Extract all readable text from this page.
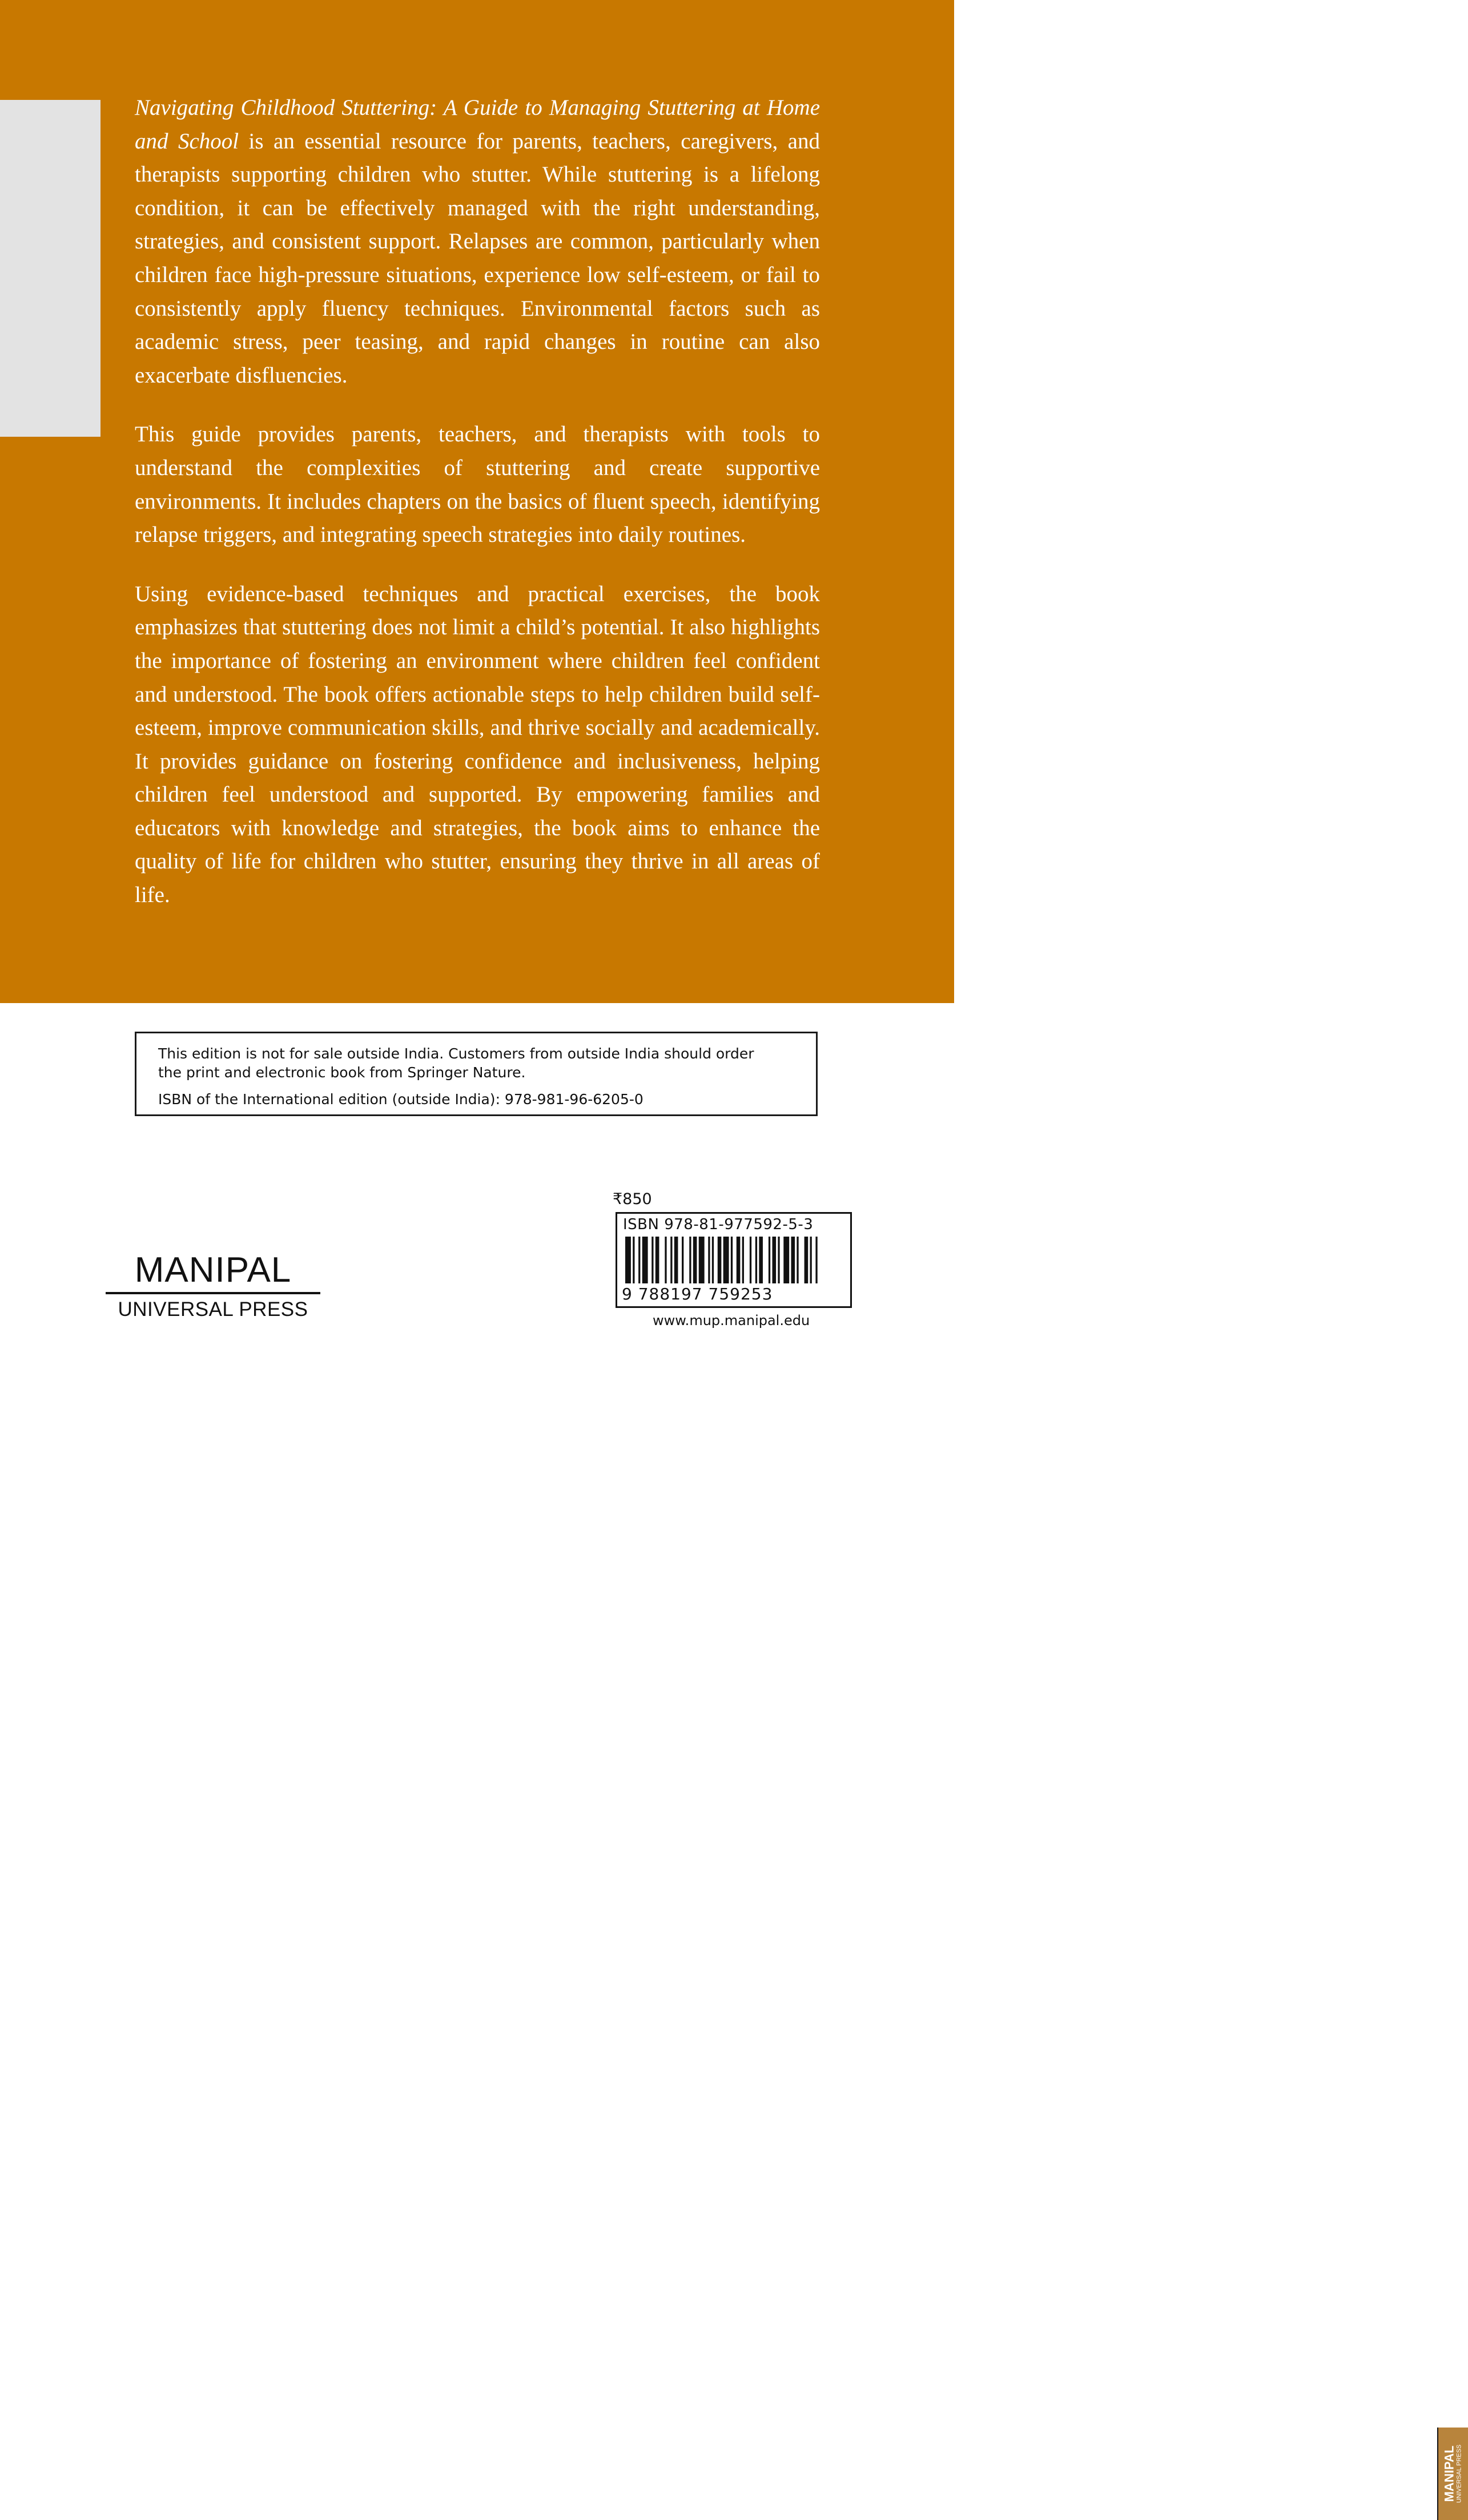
Navigating Childhood Stuttering: A Guide to Managing Stuttering at Home and School is an essential resource for parents, teachers, caregivers, and therapists supporting children who stutter. While stuttering is a lifelong condition, it can be effectively managed with the right understanding, strategies, and consistent support. Relapses are common, particularly when children face high-pressure situations, experience low self-esteem, or fail to consistently apply fluency techniques. Environmental factors such as academic stress, peer teasing, and rapid changes in routine can also exacerbate disfluencies.

This guide provides parents, teachers, and therapists with tools to understand the complexities of stuttering and create supportive environments. It includes chapters on the basics of fluent speech, identifying relapse triggers, and integrating speech strategies into daily routines.

Using evidence-based techniques and practical exercises, the book emphasizes that stuttering does not limit a child’s potential. It also highlights the importance of fostering an environment where children feel confident and understood. The book offers actionable steps to help children build self-esteem, improve communication skills, and thrive socially and academically. It provides guidance on fostering confidence and inclusiveness, helping children feel understood and supported. By empowering families and educators with knowledge and strategies, the book aims to enhance the quality of life for children who stutter, ensuring they thrive in all areas of life.

This edition is not for sale outside India. Customers from outside India should order
the print and electronic book from Springer Nature.
ISBN of the International edition (outside India): 978-981-96-6205-0
MANIPAL
UNIVERSAL PRESS
₹850
ISBN 978-81-977592-5-3
9 788197 759253
MANIPAL UNIVERSAL PRESS
www.mup.manipal.edu
